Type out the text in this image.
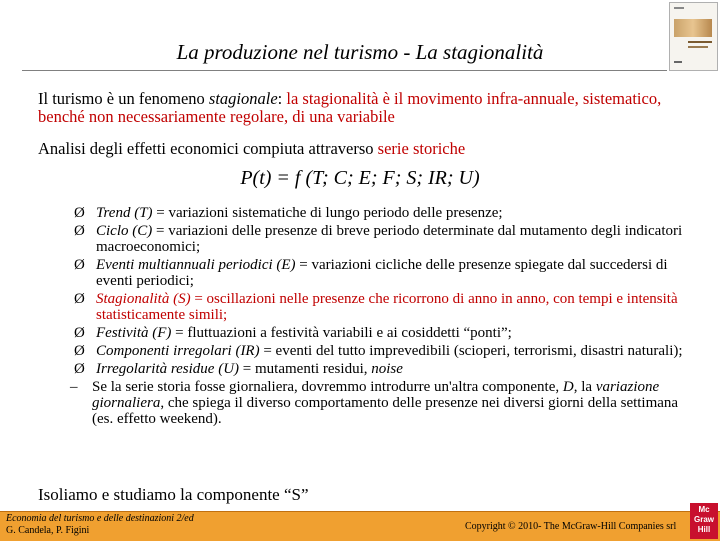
La produzione nel turismo - La stagionalità
Il turismo è un fenomeno stagionale: la stagionalità è il movimento infra-annuale, sistematico, benché non necessariamente regolare, di una variabile
Analisi degli effetti economici compiuta attraverso serie storiche
P(t) = f (T; C; E; F; S; IR; U)
Ø Trend (T) = variazioni sistematiche di lungo periodo delle presenze;
Ø Ciclo (C) = variazioni delle presenze di breve periodo determinate dal mutamento degli indicatori macroeconomici;
Ø Eventi multiannuali periodici (E) = variazioni cicliche delle presenze spiegate dal succedersi di eventi periodici;
Ø Stagionalità (S) = oscillazioni nelle presenze che ricorrono di anno in anno, con tempi e intensità statisticamente simili;
Ø Festività (F) = fluttuazioni a festività variabili e ai cosiddetti “ponti”;
Ø Componenti irregolari (IR) = eventi del tutto imprevedibili (scioperi, terrorismi, disastri naturali);
Ø Irregolarità residue (U) = mutamenti residui, noise
– Se la serie storia fosse giornaliera, dovremmo introdurre un'altra componente, D, la variazione giornaliera, che spiega il diverso comportamento delle presenze nei diversi giorni della settimana (es. effetto weekend).
Isoliamo e studiamo la componente “S”
Economia del turismo e delle destinazioni 2/ed
G. Candela, P. Figini	Copyright © 2010- The McGraw-Hill Companies srl
Mc
Graw
Hill
